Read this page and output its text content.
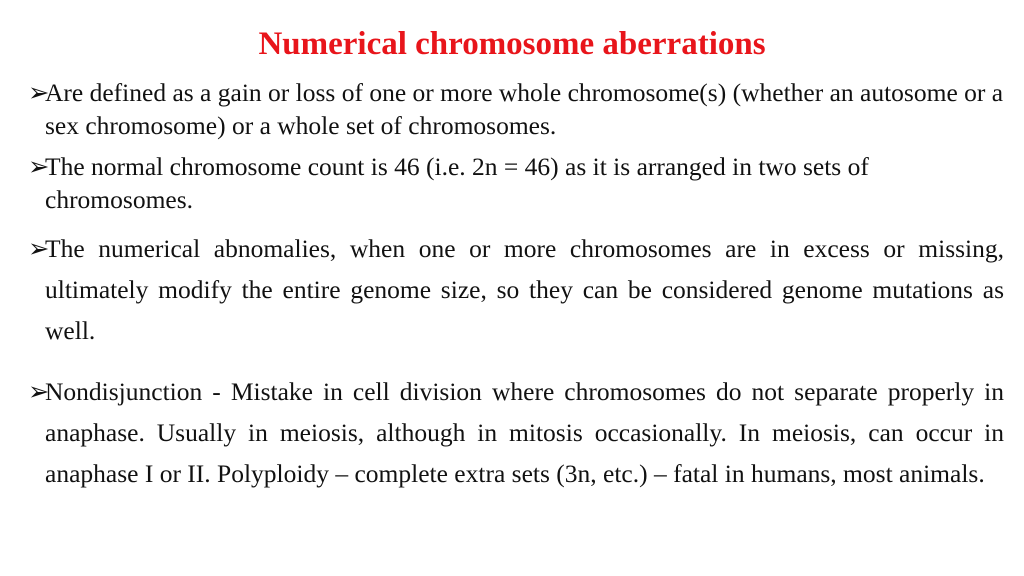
Numerical chromosome aberrations
➢
Are defined as a gain or loss of one or more whole chromosome(s) (whether an autosome or a sex chromosome) or a whole set of chromosomes.
➢
The normal chromosome count is 46 (i.e. 2n = 46) as it is arranged in two sets of chromosomes.
➢
The numerical abnomalies, when one or more chromosomes are in excess or missing, ultimately modify the entire genome size, so they can be considered genome mutations as well.
➢
Nondisjunction - Mistake in cell division where chromosomes do not separate properly in anaphase. Usually in meiosis, although in mitosis occasionally. In meiosis, can occur in anaphase I or II. Polyploidy – complete extra sets (3n, etc.) – fatal in humans, most animals.
